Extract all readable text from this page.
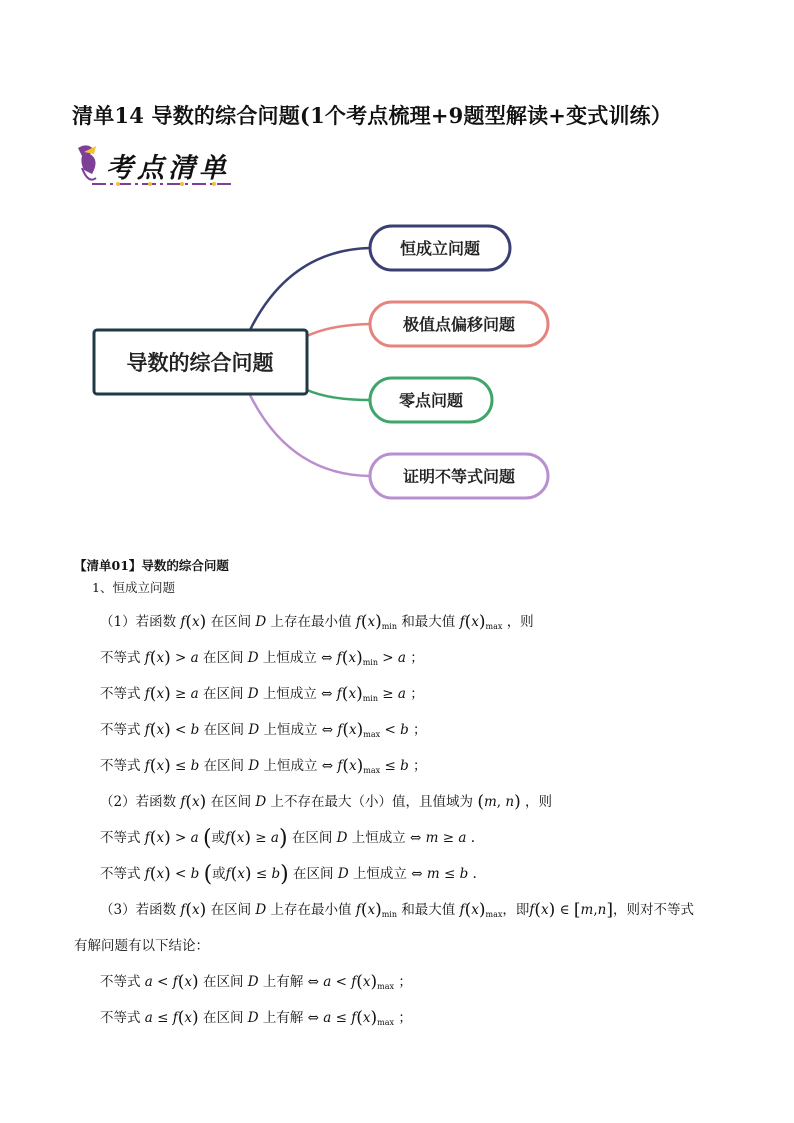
清单14 导数的综合问题(1个考点梳理+9题型解读+变式训练）
考点清单
导数的综合问题
恒成立问题
极值点偏移问题
零点问题
证明不等式问题
【清单01】导数的综合问题
1、恒成立问题
（1）若函数 f(x) 在区间 D 上存在最小值 $f(x)_{min}$ 和最大值 $f(x)_{max}$ ，则
不等式 f(x) > a 在区间 D 上恒成立 ⇔ $f(x)_{min} > a$ ；
不等式 f(x) ≥ a 在区间 D 上恒成立 ⇔ $f(x)_{min} \ge a$ ；
不等式 f(x) < b 在区间 D 上恒成立 ⇔ $f(x)_{max} < b$ ；
不等式 f(x) ≤ b 在区间 D 上恒成立 ⇔ $f(x)_{max} \le b$ ；
（2）若函数 f(x) 在区间 D 上不存在最大（小）值，且值域为 (m, n) ，则
不等式 f(x) > a (或f(x) ≥ a) 在区间 D 上恒成立 ⇔ m ≥ a .
不等式 f(x) < b (或f(x) ≤ b) 在区间 D 上恒成立 ⇔ m ≤ b .
（3）若函数 f(x) 在区间 D 上存在最小值 $f(x)_{min}$ 和最大值 $f(x)_{max}$，即f(x) ∈ [m,n]，则对不等式
有解问题有以下结论：
不等式 a < f(x) 在区间 D 上有解 ⇔ $a < f(x)_{max}$ ；
不等式 a ≤ f(x) 在区间 D 上有解 ⇔ $a \le f(x)_{max}$ ；
